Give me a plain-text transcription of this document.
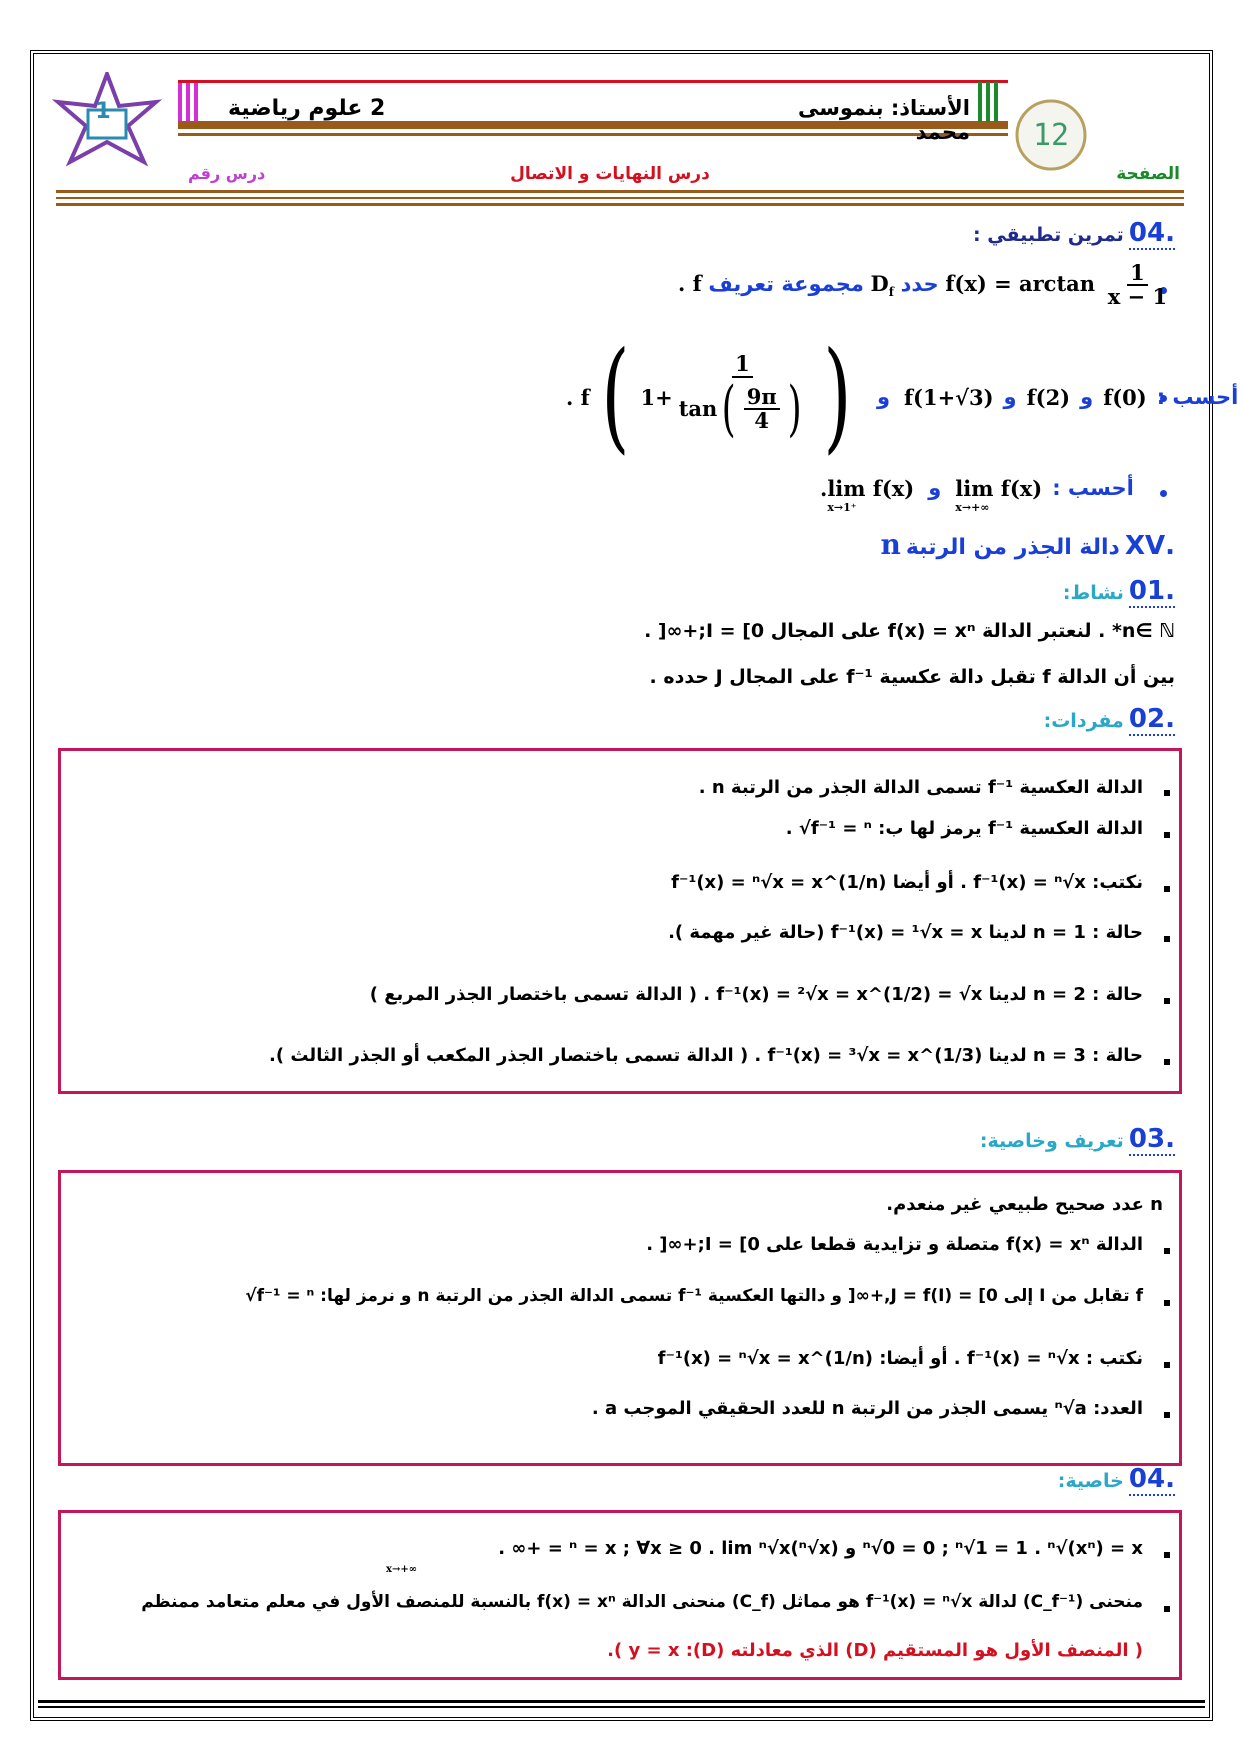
1	2 علوم رياضية	الأستاذ: بنموسى محمد	12
الصفحة
درس النهايات و الاتصال
درس رقم
.04 تمرين تطبيقي :
. f مجموعة تعريف $D_f$ حدد $f(x) = \arctan \frac{1}{x - 1}$
. f ( $1+ \frac{1}{\tan ( \frac{9\pi}{4} )}$ ) و f(1+√3) و f(2) و f(0) أحسب :
. lim f(x)
x→1⁺
و lim f(x)
x→+∞
أحسب :
.XV دالة الجذر من الرتبة n
.01 نشاط:
n∈ ℕ* . لنعتبر الدالة f(x) = xⁿ على المجال I = [0;+∞[ .
بين أن الدالة f تقبل دالة عكسية f⁻¹ على المجال J حدده .
.02 مفردات:
الدالة العكسية f⁻¹ تسمى الدالة الجذر من الرتبة n .
الدالة العكسية f⁻¹ يرمز لها ب: f⁻¹ = ⁿ√ .
نكتب: f⁻¹(x) = ⁿ√x . أو أيضا f⁻¹(x) = ⁿ√x = x^(1/n)
حالة : n = 1 لدينا f⁻¹(x) = ¹√x = x (حالة غير مهمة ).
حالة : n = 2 لدينا f⁻¹(x) = ²√x = x^(1/2) = √x . ( الدالة تسمى باختصار الجذر المربع )
حالة : n = 3 لدينا f⁻¹(x) = ³√x = x^(1/3) . ( الدالة تسمى باختصار الجذر المكعب أو الجذر الثالث ).
.03 تعريف وخاصية:
n عدد صحيح طبيعي غير منعدم.
الدالة f(x) = xⁿ متصلة و تزايدية قطعا على I = [0;+∞[ .
f تقابل من I إلى J = f(I) = [0,+∞[ و دالتها العكسية f⁻¹ تسمى الدالة الجذر من الرتبة n و نرمز لها: f⁻¹ = ⁿ√
نكتب : f⁻¹(x) = ⁿ√x . أو أيضا: f⁻¹(x) = ⁿ√x = x^(1/n)
العدد: ⁿ√a يسمى الجذر من الرتبة n للعدد الحقيقي الموجب a .
.04 خاصية:
ⁿ√0 = 0 ; ⁿ√1 = 1 . ⁿ√(xⁿ) = x و (ⁿ√x)ⁿ = x ; ∀x ≥ 0 . lim ⁿ√x = +∞ .
x→+∞
منحنى (C_f⁻¹) لدالة f⁻¹(x) = ⁿ√x هو مماثل (C_f) منحنى الدالة f(x) = xⁿ بالنسبة للمنصف الأول في معلم متعامد ممنظم
( المنصف الأول هو المستقيم (D) الذي معادلته (D): y = x ).
